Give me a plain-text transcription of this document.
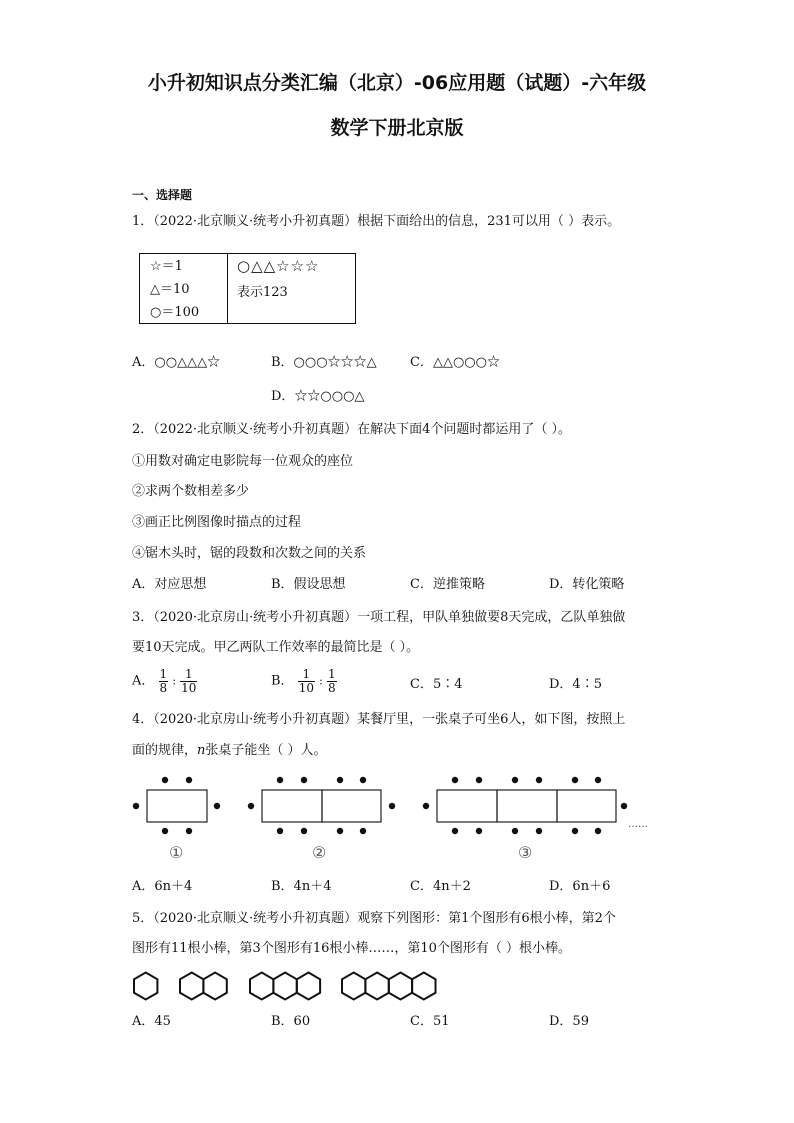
小升初知识点分类汇编（北京）-06应用题（试题）-六年级
数学下册北京版
一、选择题
1．（2022·北京顺义·统考小升初真题）根据下面给出的信息，231可以用（ ）表示。
☆＝1
△＝10
○＝100
○△△☆☆☆
表示123
A．○○△△△☆	B．○○○☆☆☆△	C．△△○○○☆
D．☆☆○○○△
2．（2022·北京顺义·统考小升初真题）在解决下面4个问题时都运用了（ ）。
①用数对确定电影院每一位观众的座位
②求两个数相差多少
③画正比例图像时描点的过程
④锯木头时，锯的段数和次数之间的关系
A．对应思想	B．假设思想	C．逆推策略	D．转化策略
3．（2020·北京房山·统考小升初真题）一项工程，甲队单独做要8天完成，乙队单独做
要10天完成。甲乙两队工作效率的最简比是（ ）。
A． $\frac{1}{8}$ : $\frac{1}{10}$	B． $\frac{1}{10}$ : $\frac{1}{8}$	C．5∶4	D．4∶5
4．（2020·北京房山·统考小升初真题）某餐厅里，一张桌子可坐6人，如下图，按照上
面的规律，n张桌子能坐（ ）人。
①	②	③
……
A．6n＋4	B．4n＋4	C．4n＋2	D．6n＋6
5．（2020·北京顺义·统考小升初真题）观察下列图形：第1个图形有6根小棒，第2个
图形有11根小棒，第3个图形有16根小棒……，第10个图形有（ ）根小棒。
A．45	B．60	C．51	D．59
